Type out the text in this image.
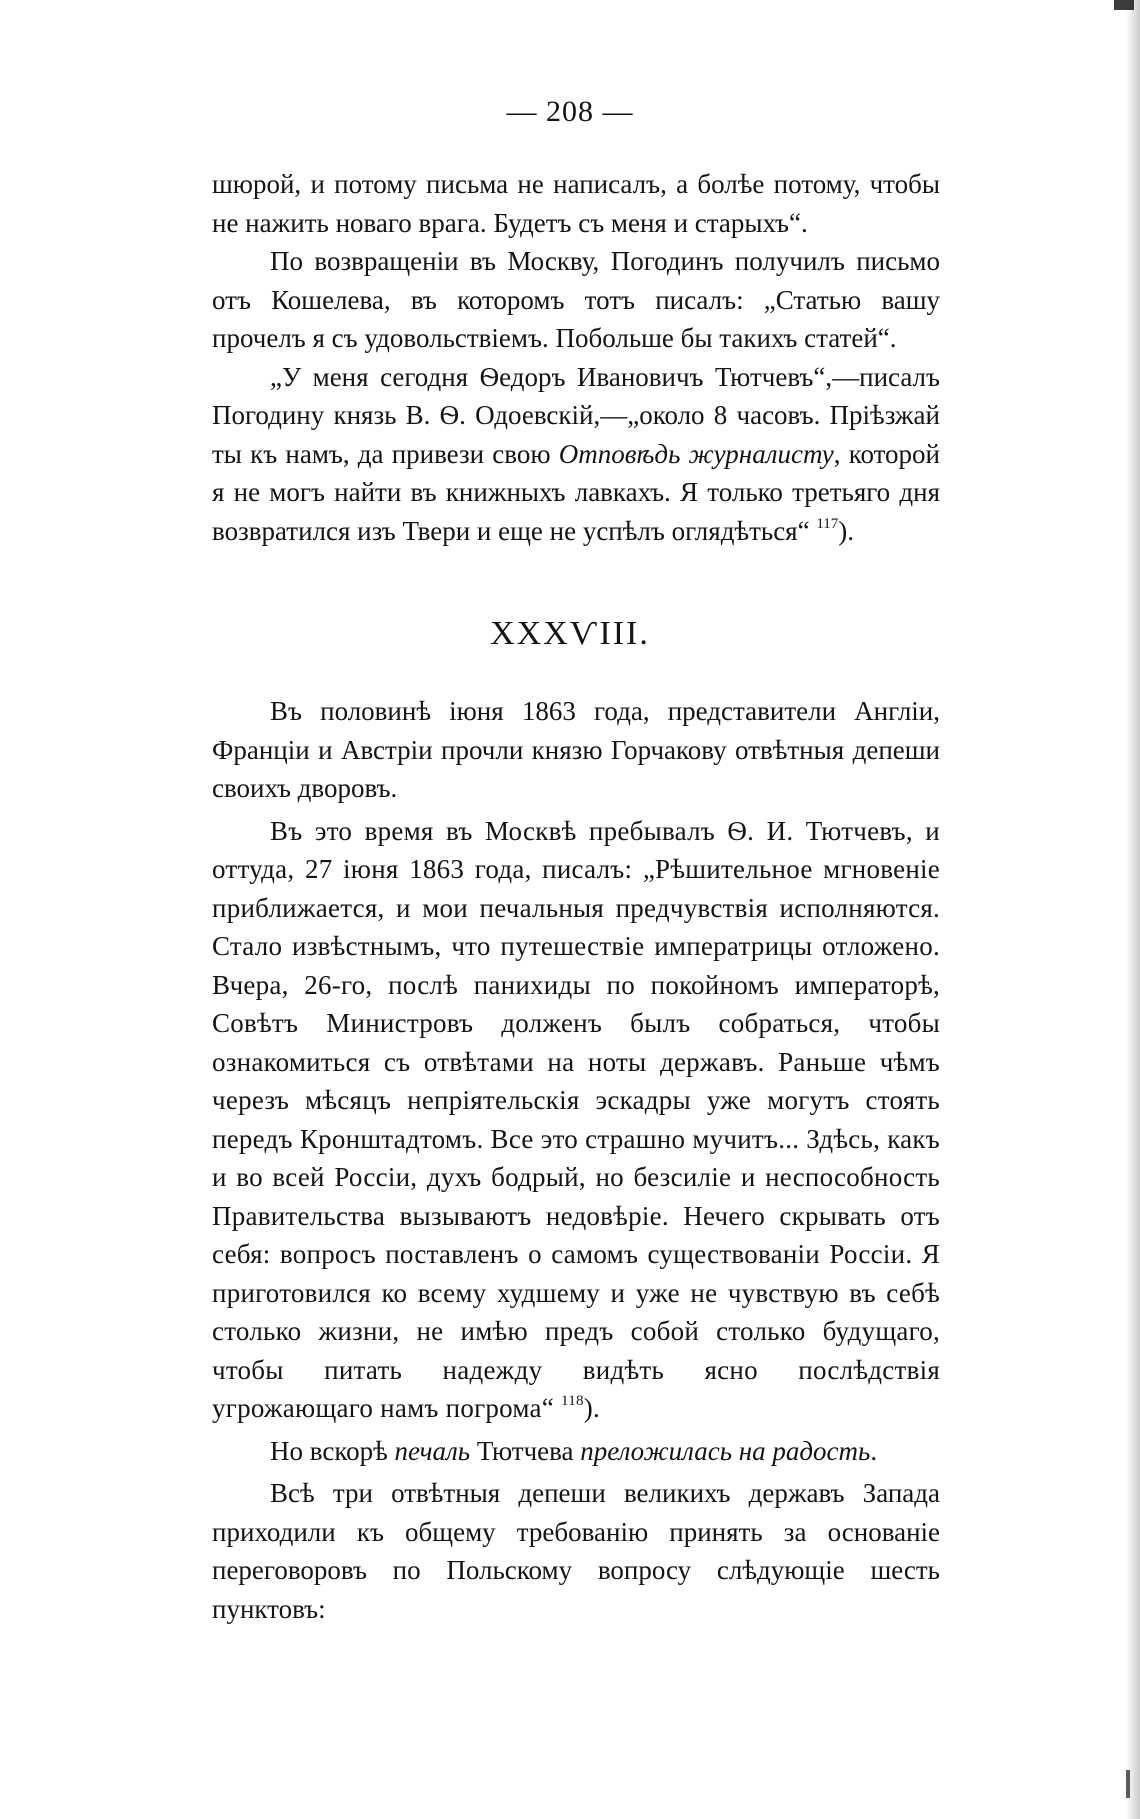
— 208 —

шюрой, и потому письма не написалъ, а болѣе потому, чтобы не нажить новаго врага. Будетъ съ меня и старыхъ“.

По возвращеніи въ Москву, Погодинъ получилъ письмо отъ Кошелева, въ которомъ тотъ писалъ: „Статью вашу прочелъ я съ удовольствіемъ. Побольше бы такихъ статей“.

„У меня сегодня Ѳедоръ Ивановичъ Тютчевъ“,—писалъ Погодину князь В. Ѳ. Одоевскій,—„около 8 часовъ. Пріѣзжай ты къ намъ, да привези свою Отповѣдь журналисту, которой я не могъ найти въ книжныхъ лавкахъ. Я только третьяго дня возвратился изъ Твери и еще не успѣлъ оглядѣться“ $^{117}$).

XXXѴIII.

Въ половинѣ іюня 1863 года, представители Англіи, Франціи и Австріи прочли князю Горчакову отвѣтныя депеши своихъ дворовъ.

Въ это время въ Москвѣ пребывалъ Ѳ. И. Тютчевъ, и оттуда, 27 іюня 1863 года, писалъ: „Рѣшительное мгновеніе приближается, и мои печальныя предчувствія исполняются. Стало извѣстнымъ, что путешествіе императрицы отложено. Вчера, 26-го, послѣ панихиды по покойномъ императорѣ, Совѣтъ Министровъ долженъ былъ собраться, чтобы ознакомиться съ отвѣтами на ноты державъ. Раньше чѣмъ черезъ мѣсяцъ непріятельскія эскадры уже могутъ стоять передъ Кронштадтомъ. Все это страшно мучитъ... Здѣсь, какъ и во всей Россіи, духъ бодрый, но безсиліе и неспособность Правительства вызываютъ недовѣріе. Нечего скрывать отъ себя: вопросъ поставленъ о самомъ существованіи Россіи. Я приготовился ко всему худшему и уже не чувствую въ себѣ столько жизни, не имѣю предъ собой столько будущаго, чтобы питать надежду видѣть ясно послѣдствія угрожающаго намъ погрома“ $^{118}$).

Но вскорѣ печаль Тютчева преложилась на радость.

Всѣ три отвѣтныя депеши великихъ державъ Запада приходили къ общему требованію принять за основаніе переговоровъ по Польскому вопросу слѣдующіе шесть пунктовъ:
